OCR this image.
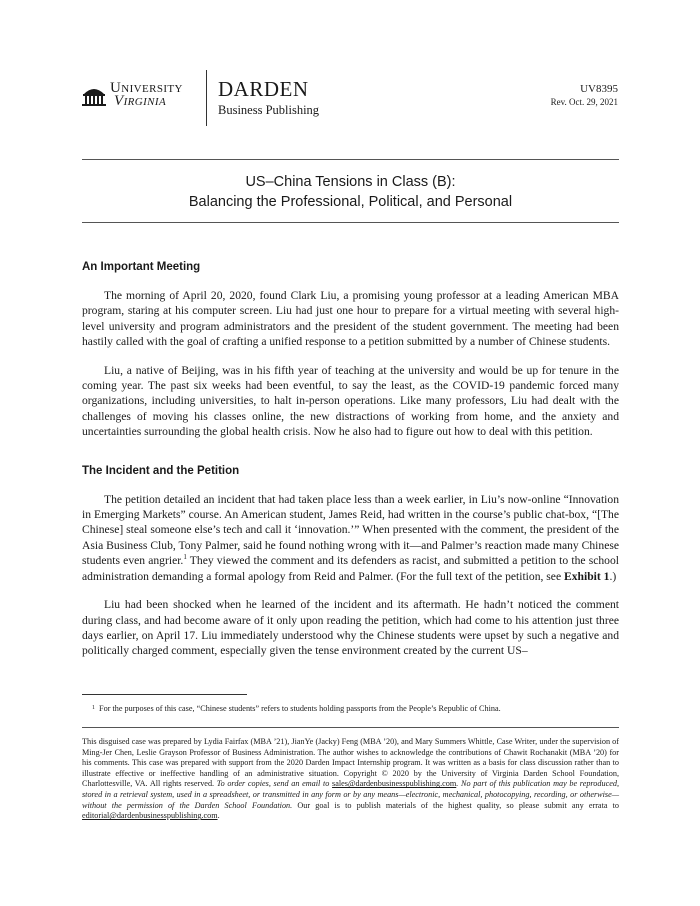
University
Virginia	DARDEN
Business Publishing
UV8395
Rev. Oct. 29, 2021
US–China Tensions in Class (B):
Balancing the Professional, Political, and Personal
An Important Meeting

The morning of April 20, 2020, found Clark Liu, a promising young professor at a leading American MBA program, staring at his computer screen. Liu had just one hour to prepare for a virtual meeting with several high-level university and program administrators and the president of the student government. The meeting had been hastily called with the goal of crafting a unified response to a petition submitted by a number of Chinese students.

Liu, a native of Beijing, was in his fifth year of teaching at the university and would be up for tenure in the coming year. The past six weeks had been eventful, to say the least, as the COVID-19 pandemic forced many organizations, including universities, to halt in-person operations. Like many professors, Liu had dealt with the challenges of moving his classes online, the new distractions of working from home, and the anxiety and uncertainties surrounding the global health crisis. Now he also had to figure out how to deal with this petition.

The Incident and the Petition

The petition detailed an incident that had taken place less than a week earlier, in Liu’s now-online “Innovation in Emerging Markets” course. An American student, James Reid, had written in the course’s public chat-box, “[The Chinese] steal someone else’s tech and call it ‘innovation.’” When presented with the comment, the president of the Asia Business Club, Tony Palmer, said he found nothing wrong with it—and Palmer’s reaction made many Chinese students even angrier.$^1$ They viewed the comment and its defenders as racist, and submitted a petition to the school administration demanding a formal apology from Reid and Palmer. (For the full text of the petition, see Exhibit 1.)

Liu had been shocked when he learned of the incident and its aftermath. He hadn’t noticed the comment during class, and had become aware of it only upon reading the petition, which had come to his attention just three days earlier, on April 17. Liu immediately understood why the Chinese students were upset by such a negative and politically charged comment, especially given the tense environment created by the current US–

$^1$ For the purposes of this case, “Chinese students” refers to students holding passports from the People’s Republic of China.
This disguised case was prepared by Lydia Fairfax (MBA ’21), JianYe (Jacky) Feng (MBA ’20), and Mary Summers Whittle, Case Writer, under the supervision of Ming-Jer Chen, Leslie Grayson Professor of Business Administration. The author wishes to acknowledge the contributions of Chawit Rochanakit (MBA ’20) for his comments. This case was prepared with support from the 2020 Darden Impact Internship program. It was written as a basis for class discussion rather than to illustrate effective or ineffective handling of an administrative situation. Copyright © 2020 by the University of Virginia Darden School Foundation, Charlottesville, VA. All rights reserved. To order copies, send an email to sales@dardenbusinesspublishing.com. No part of this publication may be reproduced, stored in a retrieval system, used in a spreadsheet, or transmitted in any form or by any means—electronic, mechanical, photocopying, recording, or otherwise—without the permission of the Darden School Foundation. Our goal is to publish materials of the highest quality, so please submit any errata to editorial@dardenbusinesspublishing.com.
